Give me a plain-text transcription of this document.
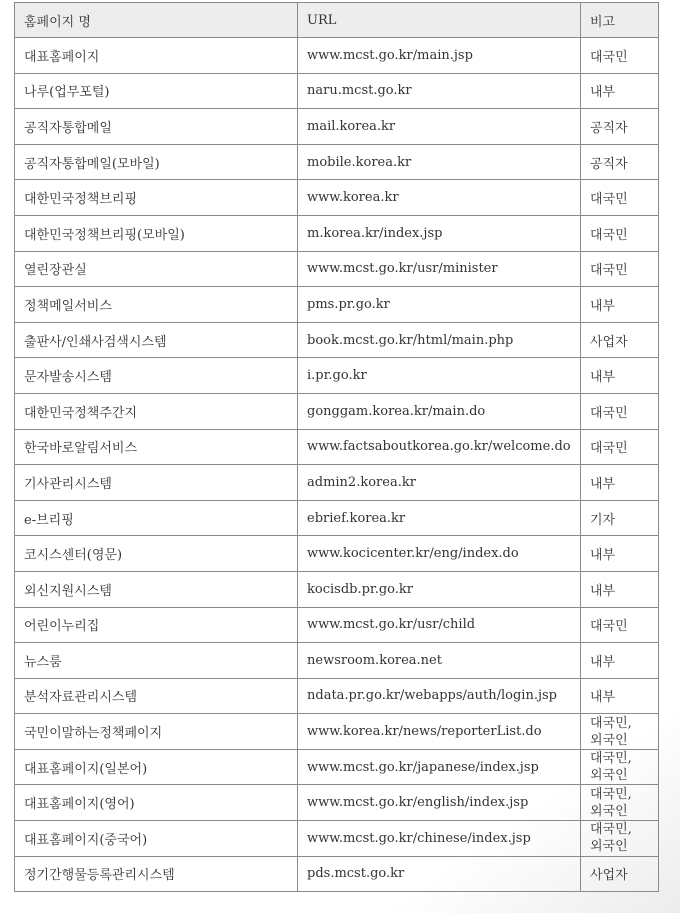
홈페이지 명	URL	비고
대표홈페이지	www.mcst.go.kr/main.jsp	대국민
나루(업무포털)	naru.mcst.go.kr	내부
공직자통합메일	mail.korea.kr	공직자
공직자통합메일(모바일)	mobile.korea.kr	공직자
대한민국정책브리핑	www.korea.kr	대국민
대한민국정책브리핑(모바일)	m.korea.kr/index.jsp	대국민
열린장관실	www.mcst.go.kr/usr/minister	대국민
정책메일서비스	pms.pr.go.kr	내부
출판사/인쇄사검색시스템	book.mcst.go.kr/html/main.php	사업자
문자발송시스템	i.pr.go.kr	내부
대한민국정책주간지	gonggam.korea.kr/main.do	대국민
한국바로알림서비스	www.factsaboutkorea.go.kr/welcome.do	대국민
기사관리시스템	admin2.korea.kr	내부
e-브리핑	ebrief.korea.kr	기자
코시스센터(영문)	www.kocicenter.kr/eng/index.do	내부
외신지원시스템	kocisdb.pr.go.kr	내부
어린이누리집	www.mcst.go.kr/usr/child	대국민
뉴스룸	newsroom.korea.net	내부
분석자료관리시스템	ndata.pr.go.kr/webapps/auth/login.jsp	내부
국민이말하는정책페이지	www.korea.kr/news/reporterList.do	대국민,
외국인

대표홈페이지(일본어)	www.mcst.go.kr/japanese/index.jsp	대국민,
외국인

대표홈페이지(영어)	www.mcst.go.kr/english/index.jsp	대국민,
외국인

대표홈페이지(중국어)	www.mcst.go.kr/chinese/index.jsp	대국민,
외국인

정기간행물등록관리시스템	pds.mcst.go.kr	사업자
